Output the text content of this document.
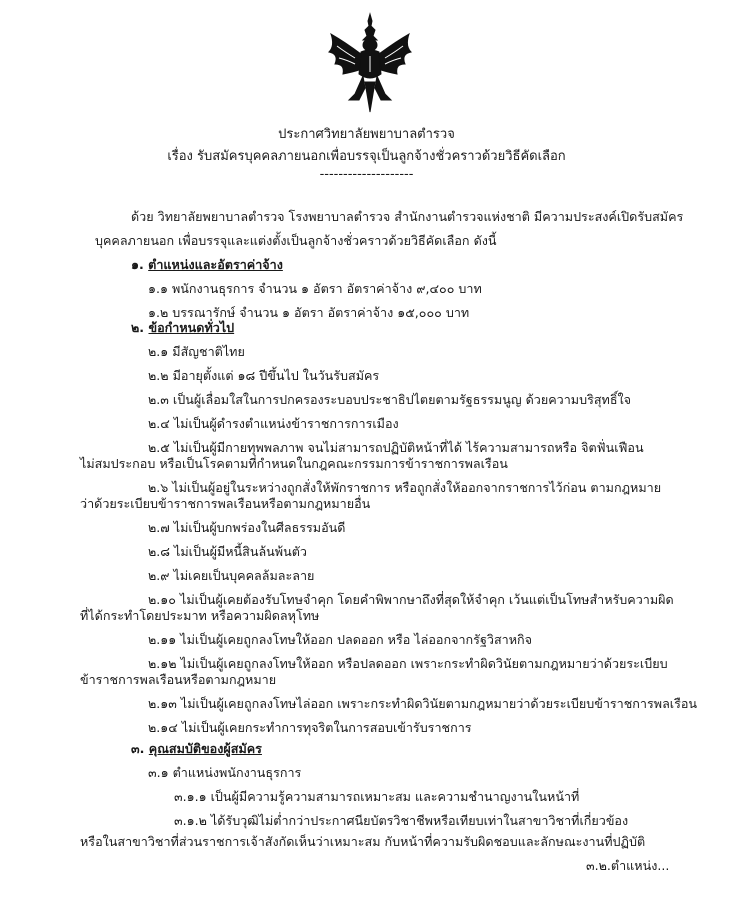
ประกาศวิทยาลัยพยาบาลตำรวจ
เรื่อง รับสมัครบุคคลภายนอกเพื่อบรรจุเป็นลูกจ้างชั่วคราวด้วยวิธีคัดเลือก
--------------------
ด้วย วิทยาลัยพยาบาลตำรวจ โรงพยาบาลตำรวจ สำนักงานตำรวจแห่งชาติ มีความประสงค์เปิดรับสมัคร
บุคคลภายนอก เพื่อบรรจุและแต่งตั้งเป็นลูกจ้างชั่วคราวด้วยวิธีคัดเลือก ดังนี้
๑. ตำแหน่งและอัตราค่าจ้าง
๑.๑ พนักงานธุรการ จำนวน ๑ อัตรา อัตราค่าจ้าง ๙,๔๐๐ บาท
๑.๒ บรรณารักษ์ จำนวน ๑ อัตรา อัตราค่าจ้าง ๑๕,๐๐๐ บาท
๒. ข้อกำหนดทั่วไป
๒.๑ มีสัญชาติไทย
๒.๒ มีอายุตั้งแต่ ๑๘ ปีขึ้นไป ในวันรับสมัคร
๒.๓ เป็นผู้เลื่อมใสในการปกครองระบอบประชาธิปไตยตามรัฐธรรมนูญ ด้วยความบริสุทธิ์ใจ
๒.๔ ไม่เป็นผู้ดำรงตำแหน่งข้าราชการการเมือง
๒.๕ ไม่เป็นผู้มีกายทุพพลภาพ จนไม่สามารถปฏิบัติหน้าที่ได้ ไร้ความสามารถหรือ จิตฟั่นเฟือน
ไม่สมประกอบ หรือเป็นโรคตามที่กำหนดในกฎคณะกรรมการข้าราชการพลเรือน
๒.๖ ไม่เป็นผู้อยู่ในระหว่างถูกสั่งให้พักราชการ หรือถูกสั่งให้ออกจากราชการไว้ก่อน ตามกฎหมาย
ว่าด้วยระเบียบข้าราชการพลเรือนหรือตามกฎหมายอื่น
๒.๗ ไม่เป็นผู้บกพร่องในศีลธรรมอันดี
๒.๘ ไม่เป็นผู้มีหนี้สินล้นพ้นตัว
๒.๙ ไม่เคยเป็นบุคคลล้มละลาย
๒.๑๐ ไม่เป็นผู้เคยต้องรับโทษจำคุก โดยคำพิพากษาถึงที่สุดให้จำคุก เว้นแต่เป็นโทษสำหรับความผิด
ที่ได้กระทำโดยประมาท หรือความผิดลหุโทษ
๒.๑๑ ไม่เป็นผู้เคยถูกลงโทษให้ออก ปลดออก หรือ ไล่ออกจากรัฐวิสาหกิจ
๒.๑๒ ไม่เป็นผู้เคยถูกลงโทษให้ออก หรือปลดออก เพราะกระทำผิดวินัยตามกฎหมายว่าด้วยระเบียบ
ข้าราชการพลเรือนหรือตามกฎหมาย
๒.๑๓ ไม่เป็นผู้เคยถูกลงโทษไล่ออก เพราะกระทำผิดวินัยตามกฎหมายว่าด้วยระเบียบข้าราชการพลเรือน
๒.๑๔ ไม่เป็นผู้เคยกระทำการทุจริตในการสอบเข้ารับราชการ
๓. คุณสมบัติของผู้สมัคร
๓.๑ ตำแหน่งพนักงานธุรการ
๓.๑.๑ เป็นผู้มีความรู้ความสามารถเหมาะสม และความชำนาญงานในหน้าที่
๓.๑.๒ ได้รับวุฒิไม่ต่ำกว่าประกาศนียบัตรวิชาชีพหรือเทียบเท่าในสาขาวิชาที่เกี่ยวข้อง
หรือในสาขาวิชาที่ส่วนราชการเจ้าสังกัดเห็นว่าเหมาะสม กับหน้าที่ความรับผิดชอบและลักษณะงานที่ปฏิบัติ
๓.๒.ตำแหน่ง...
